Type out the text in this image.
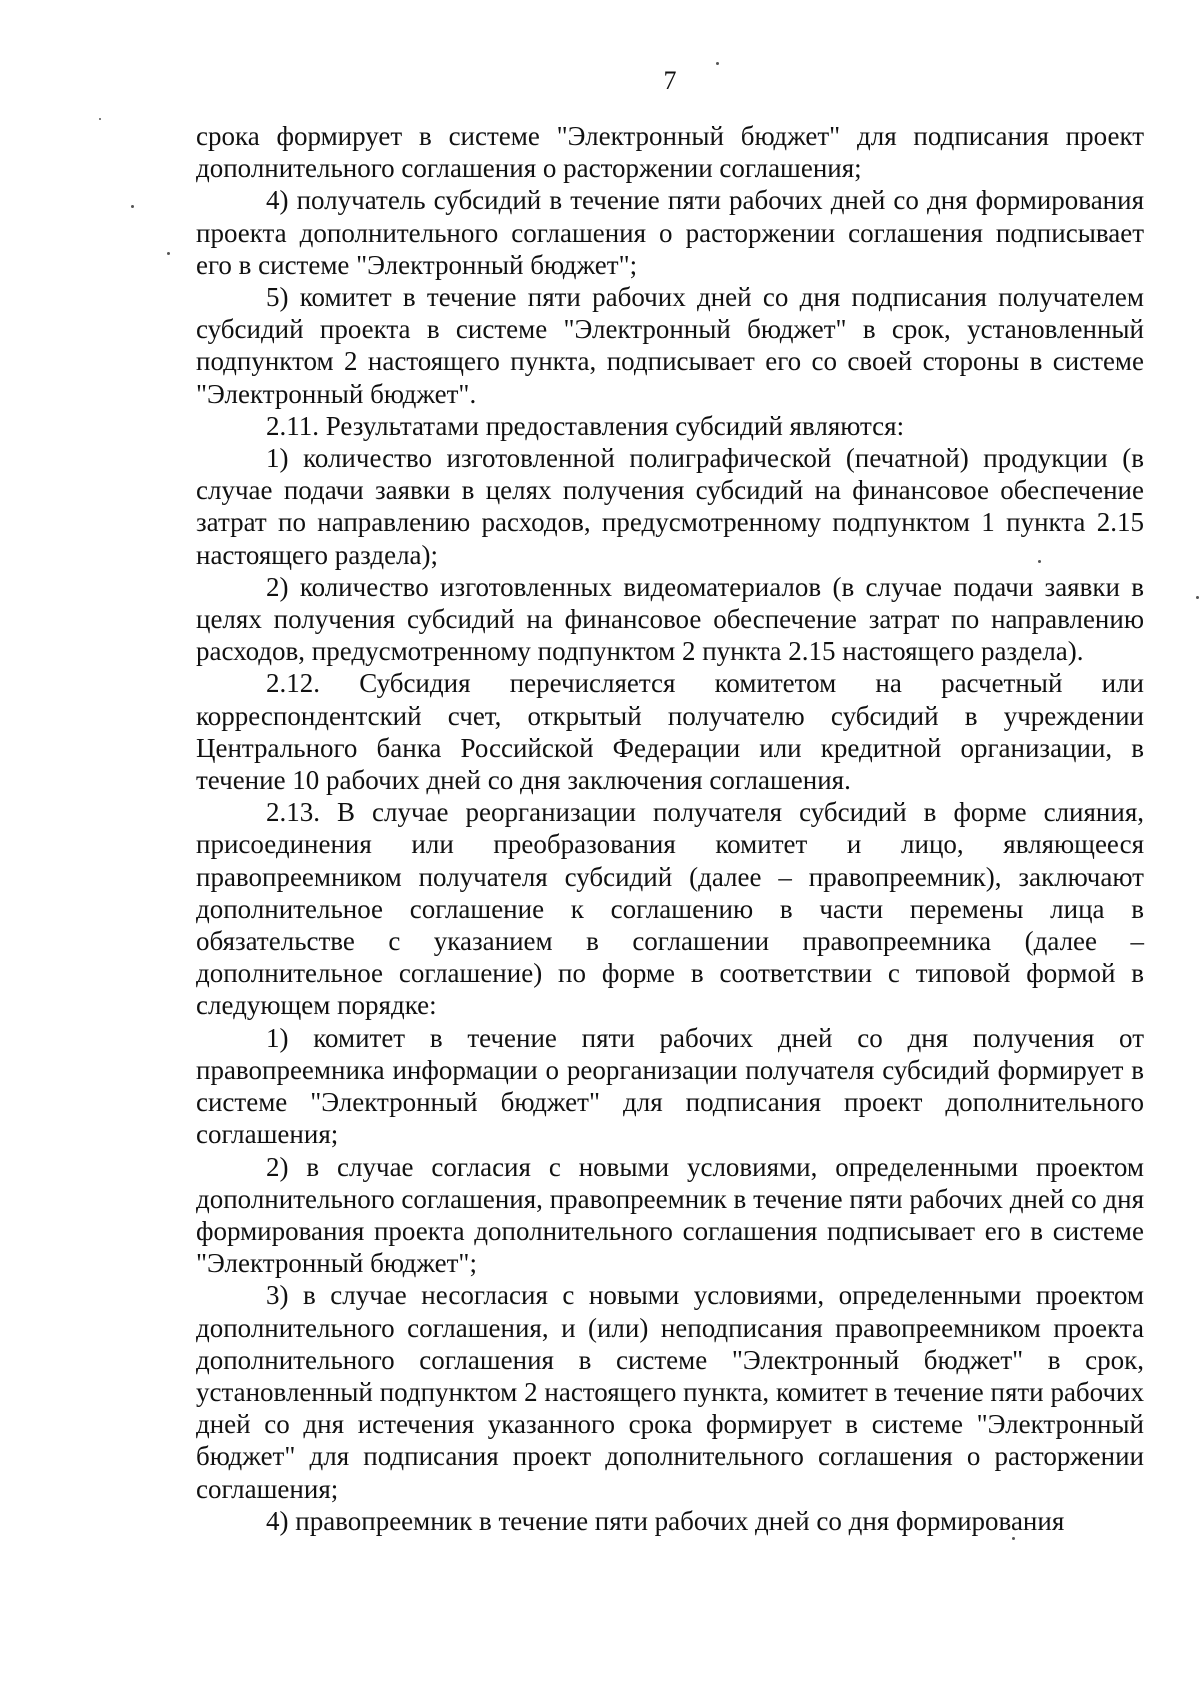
7

срока формирует в системе "Электронный бюджет" для подписания проект дополнительного соглашения о расторжении соглашения;

4) получатель субсидий в течение пяти рабочих дней со дня формирования проекта дополнительного соглашения о расторжении соглашения подписывает его в системе "Электронный бюджет";

5) комитет в течение пяти рабочих дней со дня подписания получателем субсидий проекта в системе "Электронный бюджет" в срок, установленный подпунктом 2 настоящего пункта, подписывает его со своей стороны в системе "Электронный бюджет".

2.11. Результатами предоставления субсидий являются:

1) количество изготовленной полиграфической (печатной) продукции (в случае подачи заявки в целях получения субсидий на финансовое обеспечение затрат по направлению расходов, предусмотренному подпунктом 1 пункта 2.15 настоящего раздела);

2) количество изготовленных видеоматериалов (в случае подачи заявки в целях получения субсидий на финансовое обеспечение затрат по направлению расходов, предусмотренному подпунктом 2 пункта 2.15 настоящего раздела).

2.12. Субсидия перечисляется комитетом на расчетный или корреспондентский счет, открытый получателю субсидий в учреждении Центрального банка Российской Федерации или кредитной организации, в течение 10 рабочих дней со дня заключения соглашения.

2.13. В случае реорганизации получателя субсидий в форме слияния, присоединения или преобразования комитет и лицо, являющееся правопреемником получателя субсидий (далее – правопреемник), заключают дополнительное соглашение к соглашению в части перемены лица в обязательстве с указанием в соглашении правопреемника (далее – дополнительное соглашение) по форме в соответствии с типовой формой в следующем порядке:

1) комитет в течение пяти рабочих дней со дня получения от правопреемника информации о реорганизации получателя субсидий формирует в системе "Электронный бюджет" для подписания проект дополнительного соглашения;

2) в случае согласия с новыми условиями, определенными проектом дополнительного соглашения, правопреемник в течение пяти рабочих дней со дня формирования проекта дополнительного соглашения подписывает его в системе "Электронный бюджет";

3) в случае несогласия с новыми условиями, определенными проектом дополнительного соглашения, и (или) неподписания правопреемником проекта дополнительного соглашения в системе "Электронный бюджет" в срок, установленный подпунктом 2 настоящего пункта, комитет в течение пяти рабочих дней со дня истечения указанного срока формирует в системе "Электронный бюджет" для подписания проект дополнительного соглашения о расторжении соглашения;

4) правопреемник в течение пяти рабочих дней со дня формирования
